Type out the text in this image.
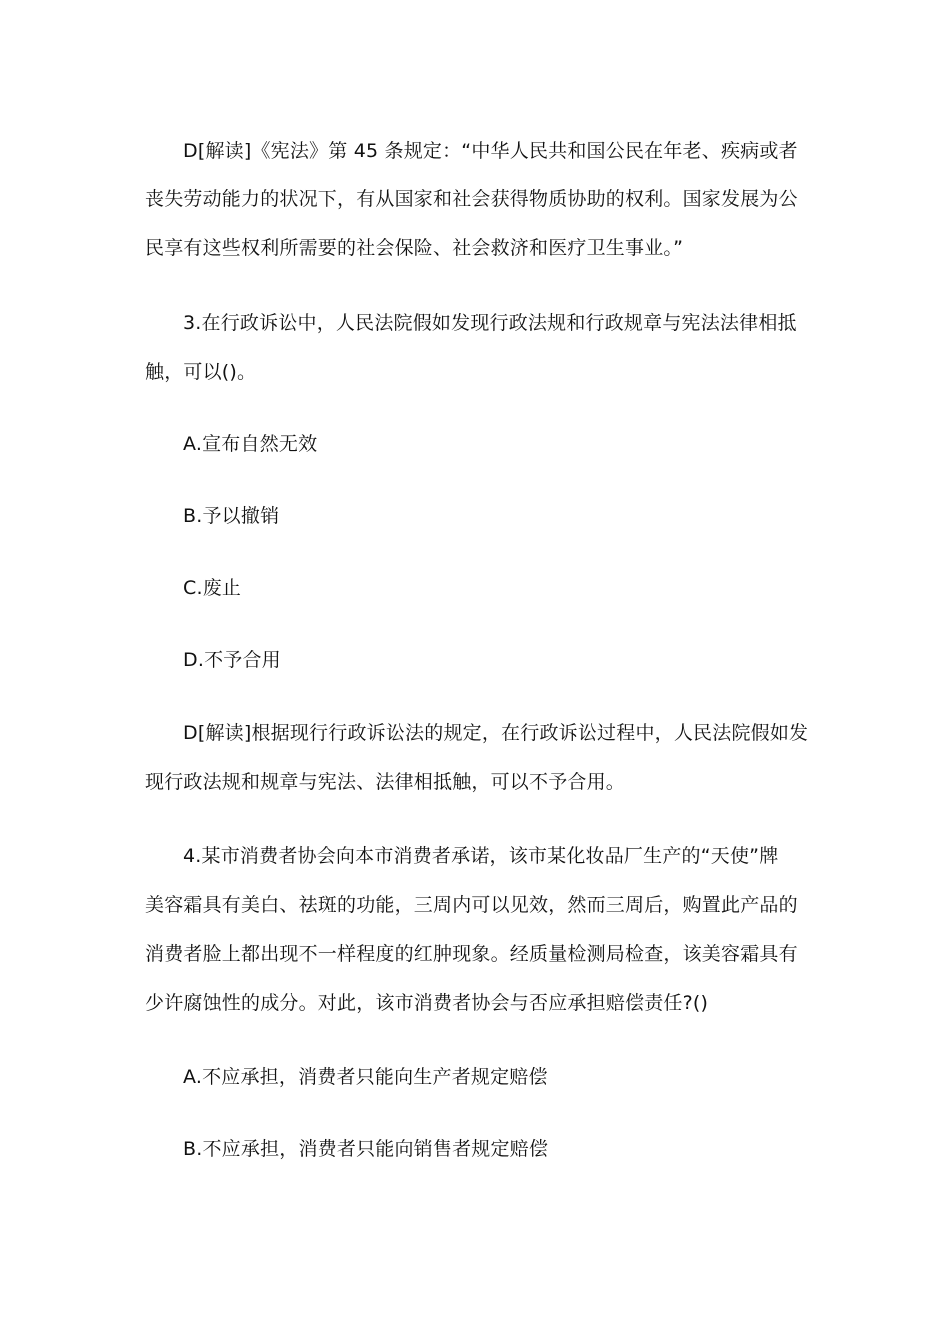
D[解读]《宪法》第 45 条规定：“中华人民共和国公民在年老、疾病或者
丧失劳动能力的状况下，有从国家和社会获得物质协助的权利。国家发展为公
民享有这些权利所需要的社会保险、社会救济和医疗卫生事业。”
3.在行政诉讼中，人民法院假如发现行政法规和行政规章与宪法法律相抵
触，可以()。
A.宣布自然无效
B.予以撤销
C.废止
D.不予合用
D[解读]根据现行行政诉讼法的规定，在行政诉讼过程中，人民法院假如发
现行政法规和规章与宪法、法律相抵触，可以不予合用。
4.某市消费者协会向本市消费者承诺，该市某化妆品厂生产的“天使”牌
美容霜具有美白、祛斑的功能，三周内可以见效，然而三周后，购置此产品的
消费者脸上都出现不一样程度的红肿现象。经质量检测局检查，该美容霜具有
少许腐蚀性的成分。对此，该市消费者协会与否应承担赔偿责任?()
A.不应承担，消费者只能向生产者规定赔偿
B.不应承担，消费者只能向销售者规定赔偿
